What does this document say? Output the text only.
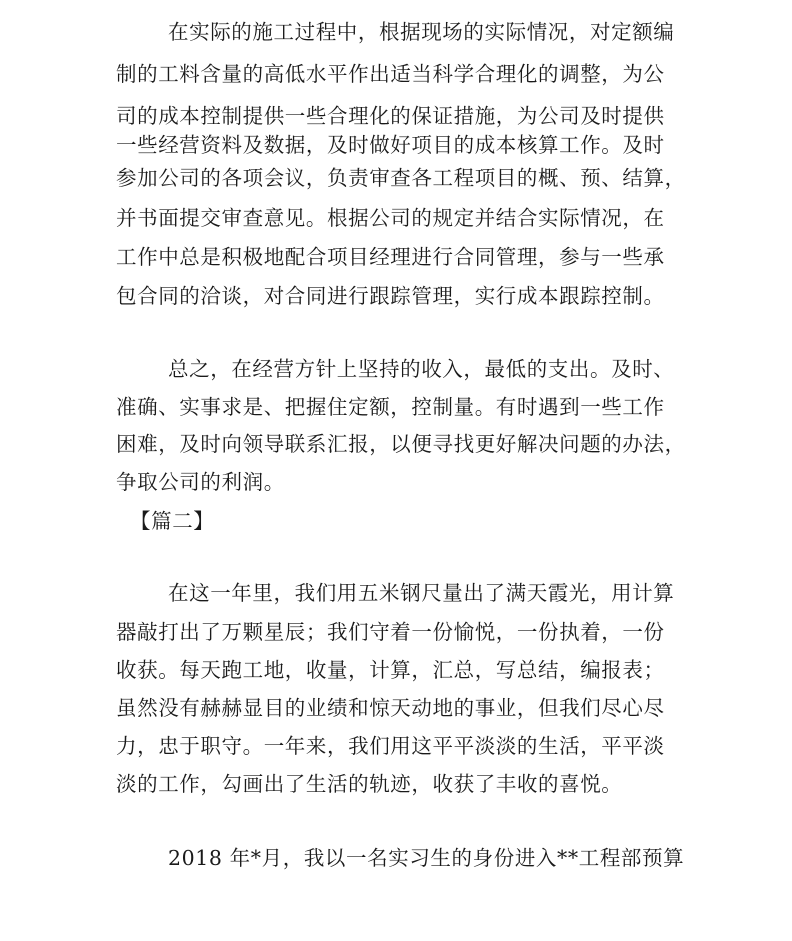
在实际的施工过程中，根据现场的实际情况，对定额编
制的工料含量的高低水平作出适当科学合理化的调整，为公
司的成本控制提供一些合理化的保证措施，为公司及时提供
一些经营资料及数据，及时做好项目的成本核算工作。及时
参加公司的各项会议，负责审查各工程项目的概、预、结算，
并书面提交审查意见。根据公司的规定并结合实际情况，在
工作中总是积极地配合项目经理进行合同管理，参与一些承
包合同的洽谈，对合同进行跟踪管理，实行成本跟踪控制。
总之，在经营方针上坚持的收入，最低的支出。及时、
准确、实事求是、把握住定额，控制量。有时遇到一些工作
困难，及时向领导联系汇报，以便寻找更好解决问题的办法，
争取公司的利润。
【篇二】
在这一年里，我们用五米钢尺量出了满天霞光，用计算
器敲打出了万颗星辰；我们守着一份愉悦，一份执着，一份
收获。每天跑工地，收量，计算，汇总，写总结，编报表；
虽然没有赫赫显目的业绩和惊天动地的事业，但我们尽心尽
力，忠于职守。一年来，我们用这平平淡淡的生活，平平淡
淡的工作，勾画出了生活的轨迹，收获了丰收的喜悦。
2018 年*月，我以一名实习生的身份进入**工程部预算
